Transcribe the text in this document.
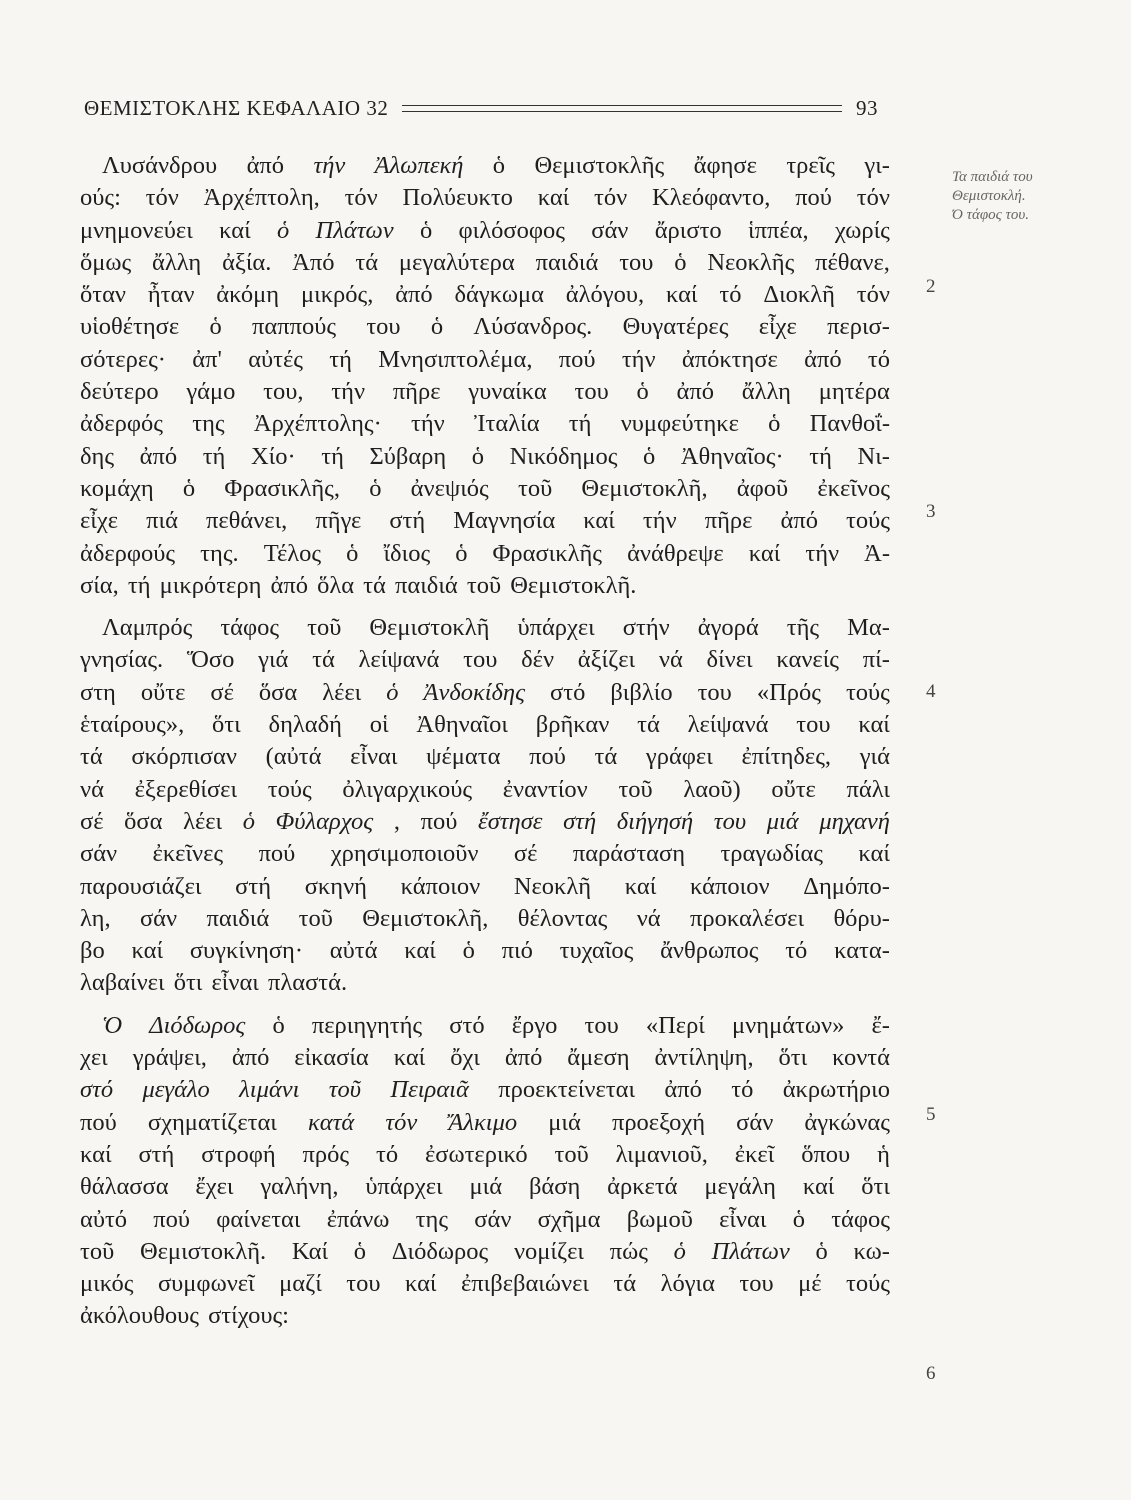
ΘΕΜΙΣΤΟΚΛΗΣ ΚΕΦΑΛΑΙΟ 32	93
Τα παιδιά του
Θεμιστοκλή.
Ό τάφος του.
2
3
4
5
6
Λυσάνδρου ἀπό τήν Ἀλωπεκή ὁ Θεμιστοκλῆς ἄφησε τρεῖς γι-
ούς: τόν Ἀρχέπτολη, τόν Πολύευκτο καί τόν Κλεόφαντο, πού τόν
μνημονεύει καί ὁ Πλάτων ὁ φιλόσοφος σάν ἄριστο ἱππέα, χωρίς
ὅμως ἄλλη ἀξία. Ἀπό τά μεγαλύτερα παιδιά του ὁ Νεοκλῆς πέθανε,
ὅταν ἦταν ἀκόμη μικρός, ἀπό δάγκωμα ἀλόγου, καί τό Διοκλῆ τόν
υἱοθέτησε ὁ παππούς του ὁ Λύσανδρος. Θυγατέρες εἶχε περισ-
σότερες· ἀπ' αὐτές τή Μνησιπτολέμα, πού τήν ἀπόκτησε ἀπό τό
δεύτερο γάμο του, τήν πῆρε γυναίκα του ὁ ἀπό ἄλλη μητέρα
ἀδερφός της Ἀρχέπτολης· τήν Ἰταλία τή νυμφεύτηκε ὁ Πανθοΐ-
δης ἀπό τή Χίο· τή Σύβαρη ὁ Νικόδημος ὁ Ἀθηναῖος· τή Νι-
κομάχη ὁ Φρασικλῆς, ὁ ἀνεψιός τοῦ Θεμιστοκλῆ, ἀφοῦ ἐκεῖνος
εἶχε πιά πεθάνει, πῆγε στή Μαγνησία καί τήν πῆρε ἀπό τούς
ἀδερφούς της. Τέλος ὁ ἴδιος ὁ Φρασικλῆς ἀνάθρεψε καί τήν Ἀ-
σία, τή μικρότερη ἀπό ὅλα τά παιδιά τοῦ Θεμιστοκλῆ.
Λαμπρός τάφος τοῦ Θεμιστοκλῆ ὑπάρχει στήν ἀγορά τῆς Μα-
γνησίας. Ὅσο γιά τά λείψανά του δέν ἀξίζει νά δίνει κανείς πί-
στη οὔτε σέ ὅσα λέει ὁ Ἀνδοκίδης στό βιβλίο του «Πρός τούς
ἑταίρους», ὅτι δηλαδή οἱ Ἀθηναῖοι βρῆκαν τά λείψανά του καί
τά σκόρπισαν (αὐτά εἶναι ψέματα πού τά γράφει ἐπίτηδες, γιά
νά ἐξερεθίσει τούς ὀλιγαρχικούς ἐναντίον τοῦ λαοῦ) οὔτε πάλι
σέ ὅσα λέει ὁ Φύλαρχος , πού ἔστησε στή διήγησή του μιά μηχανή
σάν ἐκεῖνες πού χρησιμοποιοῦν σέ παράσταση τραγωδίας καί
παρουσιάζει στή σκηνή κάποιον Νεοκλῆ καί κάποιον Δημόπο-
λη, σάν παιδιά τοῦ Θεμιστοκλῆ, θέλοντας νά προκαλέσει θόρυ-
βο καί συγκίνηση· αὐτά καί ὁ πιό τυχαῖος ἄνθρωπος τό κατα-
λαβαίνει ὅτι εἶναι πλαστά.
Ὁ Διόδωρος ὁ περιηγητής στό ἔργο του «Περί μνημάτων» ἔ-
χει γράψει, ἀπό εἰκασία καί ὄχι ἀπό ἄμεση ἀντίληψη, ὅτι κοντά
στό μεγάλο λιμάνι τοῦ Πειραιᾶ προεκτείνεται ἀπό τό ἀκρωτήριο
πού σχηματίζεται κατά τόν Ἄλκιμο μιά προεξοχή σάν ἀγκώνας
καί στή στροφή πρός τό ἐσωτερικό τοῦ λιμανιοῦ, ἐκεῖ ὅπου ἡ
θάλασσα ἔχει γαλήνη, ὑπάρχει μιά βάση ἀρκετά μεγάλη καί ὅτι
αὐτό πού φαίνεται ἐπάνω της σάν σχῆμα βωμοῦ εἶναι ὁ τάφος
τοῦ Θεμιστοκλῆ. Καί ὁ Διόδωρος νομίζει πώς ὁ Πλάτων ὁ κω-
μικός συμφωνεῖ μαζί του καί ἐπιβεβαιώνει τά λόγια του μέ τούς
ἀκόλουθους στίχους:
